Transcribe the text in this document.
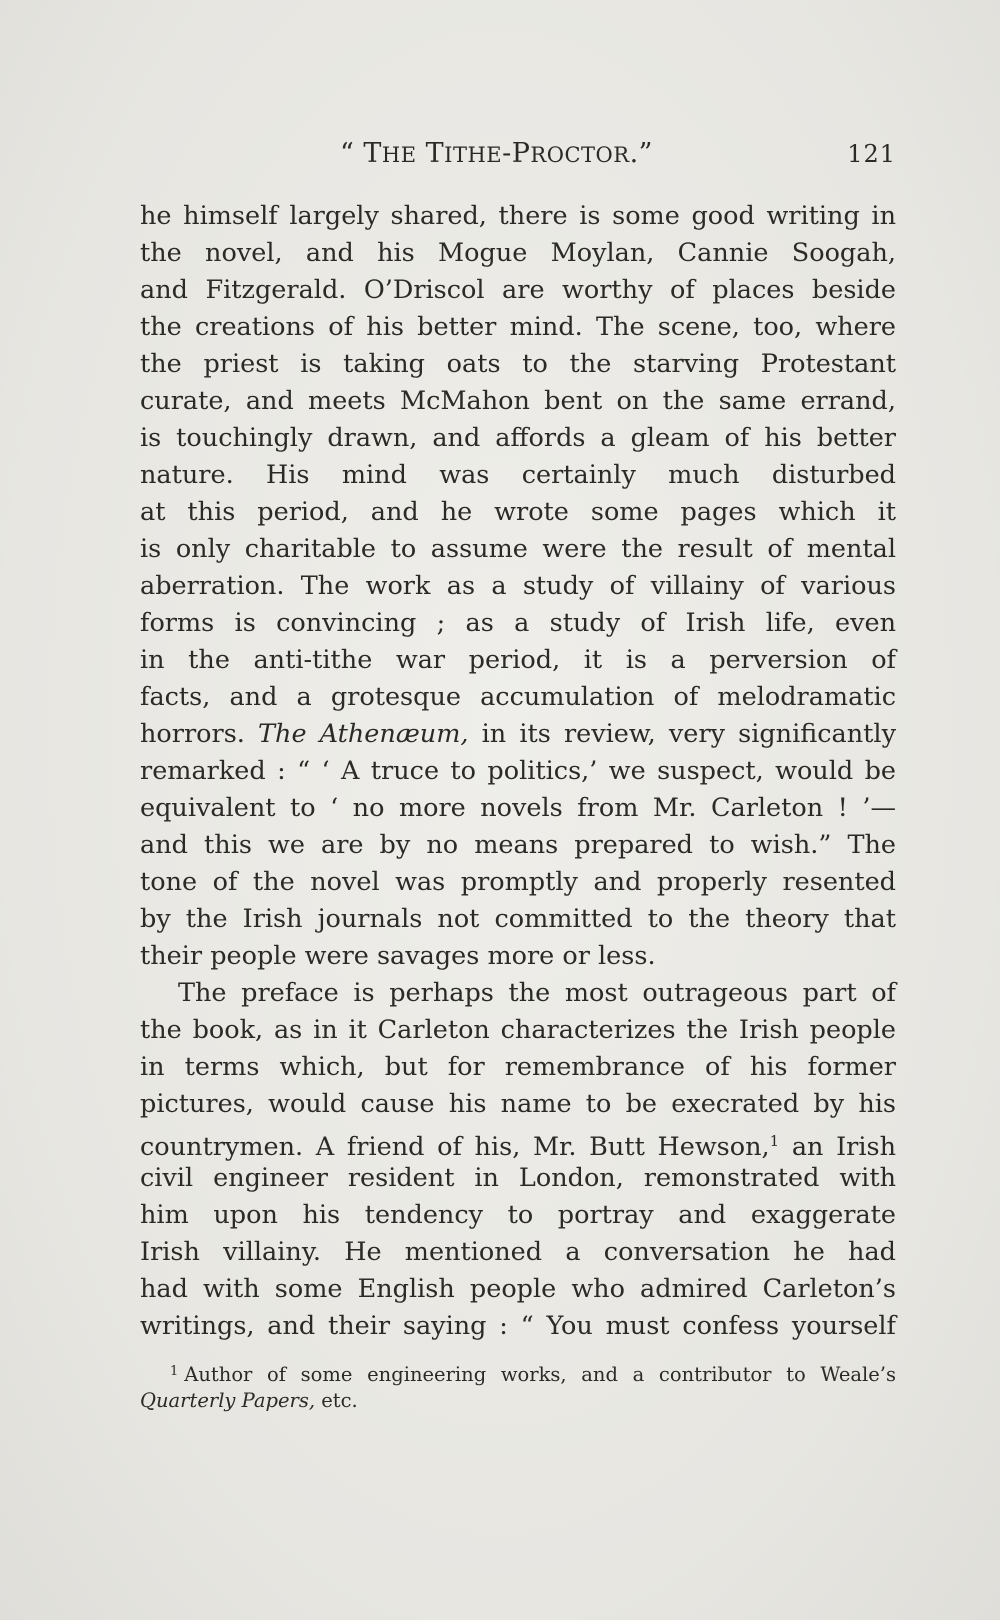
“ THE TITHE-PROCTOR.”	121
he himself largely shared, there is some good writing in
the novel, and his Mogue Moylan, Cannie Soogah,
and Fitzgerald. O’Driscol are worthy of places beside
the creations of his better mind. The scene, too, where
the priest is taking oats to the starving Protestant
curate, and meets McMahon bent on the same errand,
is touchingly drawn, and affords a gleam of his better
nature. His mind was certainly much disturbed
at this period, and he wrote some pages which it
is only charitable to assume were the result of mental
aberration. The work as a study of villainy of various
forms is convincing ; as a study of Irish life, even
in the anti-tithe war period, it is a perversion of
facts, and a grotesque accumulation of melodramatic
horrors. The Athenæum, in its review, very significantly
remarked : “ ‘ A truce to politics,’ we suspect, would be
equivalent to ‘ no more novels from Mr. Carleton ! ’—
and this we are by no means prepared to wish.” The
tone of the novel was promptly and properly resented
by the Irish journals not committed to the theory that
their people were savages more or less.
The preface is perhaps the most outrageous part of
the book, as in it Carleton characterizes the Irish people
in terms which, but for remembrance of his former
pictures, would cause his name to be execrated by his
countrymen. A friend of his, Mr. Butt Hewson,$^1$ an Irish
civil engineer resident in London, remonstrated with
him upon his tendency to portray and exaggerate
Irish villainy. He mentioned a conversation he had
had with some English people who admired Carleton’s
writings, and their saying : “ You must confess yourself
$^1$ Author of some engineering works, and a contributor to Weale’s
Quarterly Papers, etc.
